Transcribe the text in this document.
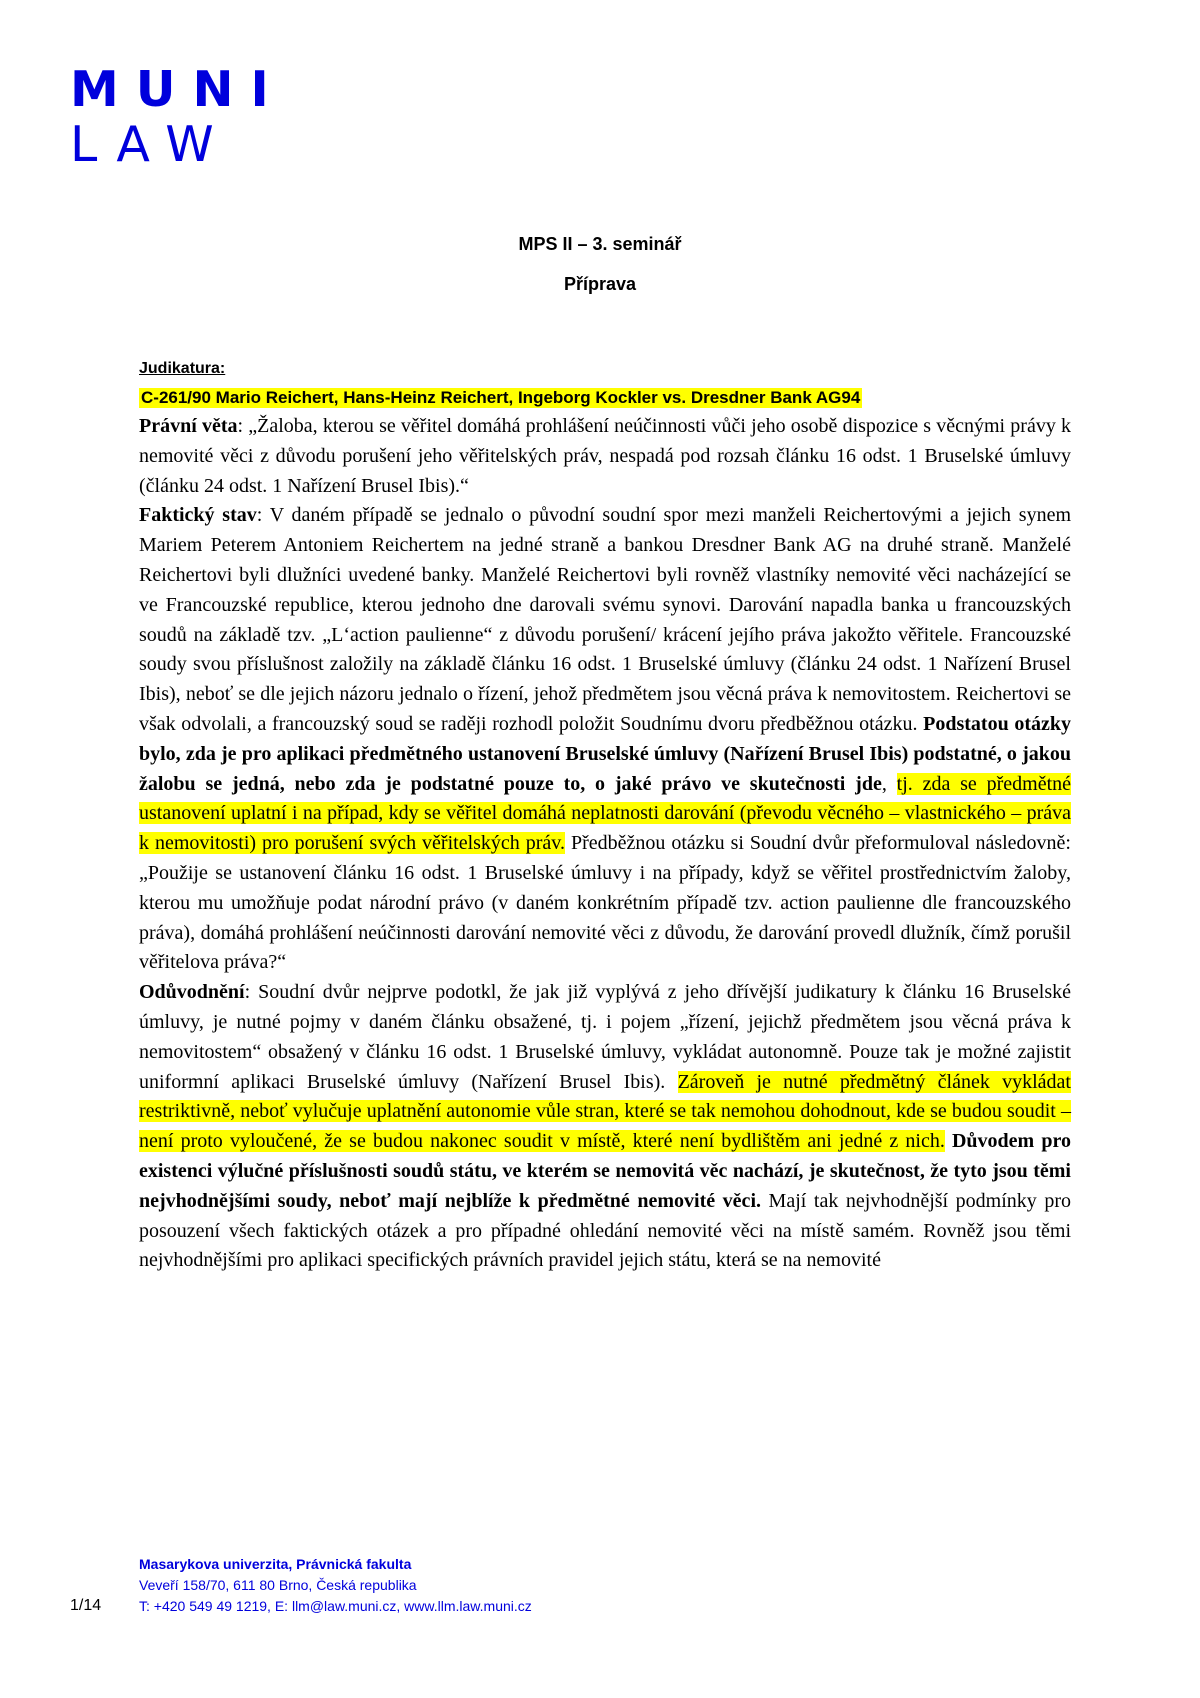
MUNI
LAW
MPS II – 3. seminář
Příprava
Judikatura:
C-261/90 Mario Reichert, Hans-Heinz Reichert, Ingeborg Kockler vs. Dresdner Bank AG94

Právní věta: „Žaloba, kterou se věřitel domáhá prohlášení neúčinnosti vůči jeho osobě dispozice s věcnými právy k nemovité věci z důvodu porušení jeho věřitelských práv, nespadá pod rozsah článku 16 odst. 1 Bruselské úmluvy (článku 24 odst. 1 Nařízení Brusel Ibis).“

Faktický stav: V daném případě se jednalo o původní soudní spor mezi manželi Reichertovými a jejich synem Mariem Peterem Antoniem Reichertem na jedné straně a bankou Dresdner Bank AG na druhé straně. Manželé Reichertovi byli dlužníci uvedené banky. Manželé Reichertovi byli rovněž vlastníky nemovité věci nacházející se ve Francouzské republice, kterou jednoho dne darovali svému synovi. Darování napadla banka u francouzských soudů na základě tzv. „L‘action paulienne“ z důvodu porušení/ krácení jejího práva jakožto věřitele. Francouzské soudy svou příslušnost založily na základě článku 16 odst. 1 Bruselské úmluvy (článku 24 odst. 1 Nařízení Brusel Ibis), neboť se dle jejich názoru jednalo o řízení, jehož předmětem jsou věcná práva k nemovitostem. Reichertovi se však odvolali, a francouzský soud se raději rozhodl položit Soudnímu dvoru předběžnou otázku. Podstatou otázky bylo, zda je pro aplikaci předmětného ustanovení Bruselské úmluvy (Nařízení Brusel Ibis) podstatné, o jakou žalobu se jedná, nebo zda je podstatné pouze to, o jaké právo ve skutečnosti jde, tj. zda se předmětné ustanovení uplatní i na případ, kdy se věřitel domáhá neplatnosti darování (převodu věcného – vlastnického – práva k nemovitosti) pro porušení svých věřitelských práv. Předběžnou otázku si Soudní dvůr přeformuloval následovně: „Použije se ustanovení článku 16 odst. 1 Bruselské úmluvy i na případy, když se věřitel prostřednictvím žaloby, kterou mu umožňuje podat národní právo (v daném konkrétním případě tzv. action paulienne dle francouzského práva), domáhá prohlášení neúčinnosti darování nemovité věci z důvodu, že darování provedl dlužník, čímž porušil věřitelova práva?“

Odůvodnění: Soudní dvůr nejprve podotkl, že jak již vyplývá z jeho dřívější judikatury k článku 16 Bruselské úmluvy, je nutné pojmy v daném článku obsažené, tj. i pojem „řízení, jejichž předmětem jsou věcná práva k nemovitostem“ obsažený v článku 16 odst. 1 Bruselské úmluvy, vykládat autonomně. Pouze tak je možné zajistit uniformní aplikaci Bruselské úmluvy (Nařízení Brusel Ibis). Zároveň je nutné předmětný článek vykládat restriktivně, neboť vylučuje uplatnění autonomie vůle stran, které se tak nemohou dohodnout, kde se budou soudit – není proto vyloučené, že se budou nakonec soudit v místě, které není bydlištěm ani jedné z nich. Důvodem pro existenci výlučné příslušnosti soudů státu, ve kterém se nemovitá věc nachází, je skutečnost, že tyto jsou těmi nejvhodnějšími soudy, neboť mají nejblíže k předmětné nemovité věci. Mají tak nejvhodnější podmínky pro posouzení všech faktických otázek a pro případné ohledání nemovité věci na místě samém. Rovněž jsou těmi nejvhodnějšími pro aplikaci specifických právních pravidel jejich státu, která se na nemovité

Masarykova univerzita, Právnická fakulta
Veveří 158/70, 611 80 Brno, Česká republika
T: +420 549 49 1219, E: llm@law.muni.cz, www.llm.law.muni.cz
1/14
